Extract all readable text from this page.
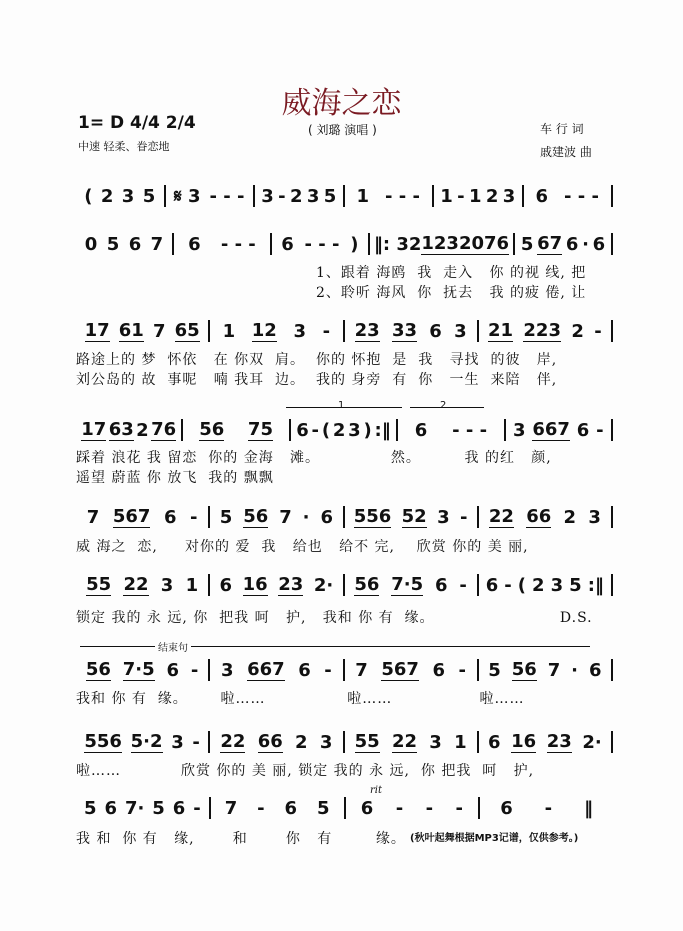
威海之恋
( 刘璐 演唱 )
1= D 4/4 2/4
中速 轻柔、眷恋地
车 行 词
戚建波 曲
1	2
结束句
rit
(秋叶起舞根据MP3记谱，仅供参考。)
( 2 3 5 𝄋 3 - - - 3 - 2 3 5 1 - - - 1 - 1 2 3 6 - - -
0 5 6 7 6 - - - 6 - - - ) ‖: 32 123 20 76 5 67 6 · 6
1、跟着 海鸥  我  走入   你 的视 线, 把
2、聆听 海风  你  抚去   我 的疲 倦, 让
17 61 7 65 1 12 3 - 23 33 6 3 21 223 2 -
路途上的 梦  怀依   在 你双  肩。  你的 怀抱  是  我   寻找  的彼   岸,
刘公岛的 故  事呢   喃 我耳  边。  我的 身旁  有  你   一生  来陪   伴,
17 63 2 76 56 75 6 - ( 2 3 ) :‖ 6 - - - 3 667 6 -
踩着 浪花 我 留恋  你的 金海   滩。             然。        我 的红   颜,
遥望 蔚蓝 你 放飞  我的 飘飘
7 567 6 - 5 56 7 · 6 556 52 3 - 22 66 2 3
威 海之  恋,     对你的 爱  我   给也   给不 完,    欣赏 你的 美 丽,
55 22 3 1 6 16 23 2· 56 7·5 6 - 6 - ( 2 3 5 :‖
锁定 我的 永 远, 你  把我 呵   护,   我和 你 有  缘。                       D.S.
56 7·5 6 - 3 667 6 - 7 567 6 - 5 56 7 · 6
我和 你 有  缘。      啦……               啦……                啦……
556 5·2 3 - 22 66 2 3 55 22 3 1 6 16 23 2·
啦……           欣赏 你的 美 丽, 锁定 我的 永 远,  你 把我  呵   护,
5 6 7· 5 6 - 7 - 6 5 6 - - - 6 - ‖
我 和  你 有   缘,       和       你   有        缘。
